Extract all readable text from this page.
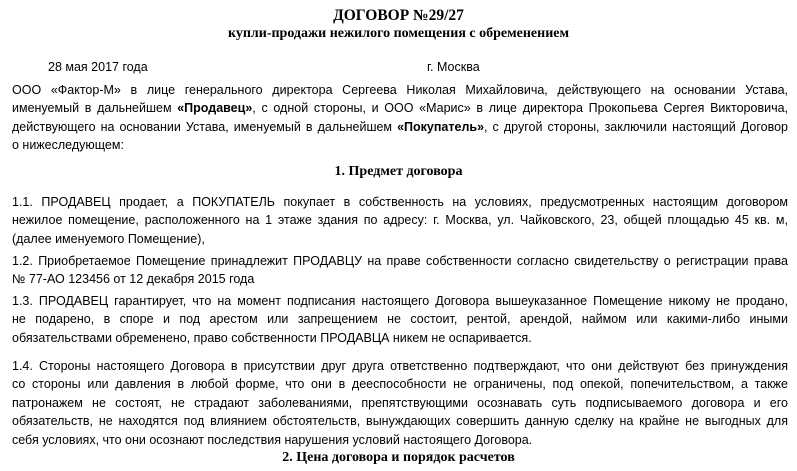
ДОГОВОР №29/27
купли-продажи нежилого помещения с обременением
28 мая 2017 года	г. Москва
ООО «Фактор-М» в лице генерального директора Сергеева Николая Михайловича, действующего на основании Устава,
именуемый в дальнейшем «Продавец», с одной стороны, и ООО «Марис» в лице директора Прокопьева Сергея Викторовича,
действующего на основании Устава, именуемый в дальнейшем «Покупатель», с другой стороны, заключили настоящий Договор
о нижеследующем:
1. Предмет договора
1.1. ПРОДАВЕЦ продает, а ПОКУПАТЕЛЬ покупает в собственность на условиях, предусмотренных настоящим договором
нежилое помещение, расположенного на 1 этаже здания по адресу: г. Москва, ул. Чайковского, 23, общей площадью 45 кв. м,
(далее именуемого Помещение),
1.2. Приобретаемое Помещение принадлежит ПРОДАВЦУ на праве собственности согласно свидетельству о регистрации права
№ 77-АО 123456 от 12 декабря 2015 года
1.3. ПРОДАВЕЦ гарантирует, что на момент подписания настоящего Договора вышеуказанное Помещение никому не продано,
не подарено, в споре и под арестом или запрещением не состоит, рентой, арендой, наймом или какими-либо иными
обязательствами обременено, право собственности ПРОДАВЦА никем не оспаривается.
1.4. Стороны настоящего Договора в присутствии друг друга ответственно подтверждают, что они действуют без принуждения
со стороны или давления в любой форме, что они в дееспособности не ограничены, под опекой, попечительством, а также
патронажем не состоят, не страдают заболеваниями, препятствующими осознавать суть подписываемого договора и его
обязательств, не находятся под влиянием обстоятельств, вынуждающих совершить данную сделку на крайне не выгодных для
себя условиях, что они осознают последствия нарушения условий настоящего Договора.
2. Цена договора и порядок расчетов
